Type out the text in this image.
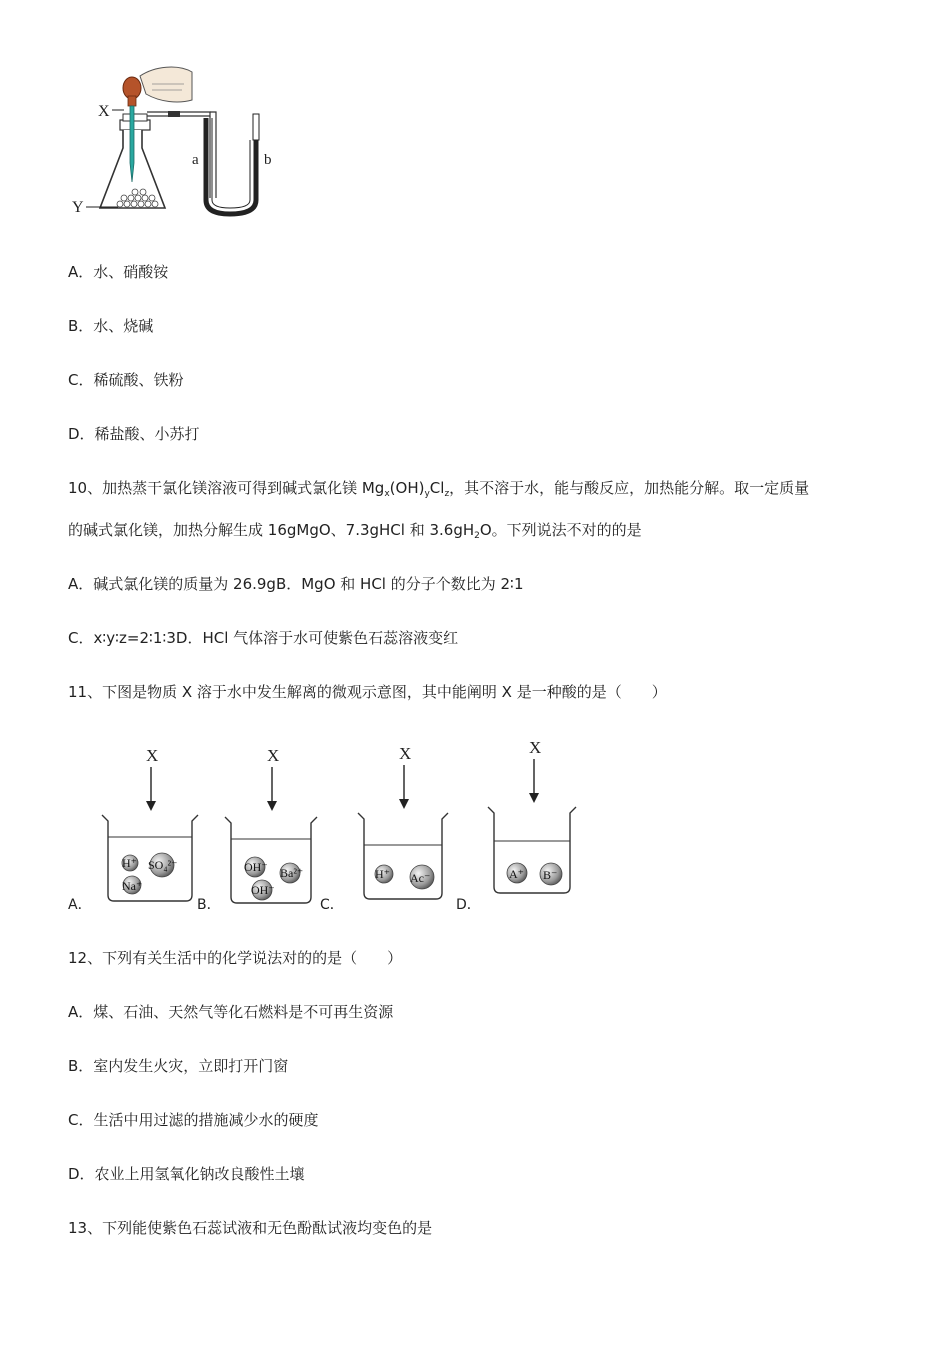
X
Y
a	b
A．水、硝酸铵
B．水、烧碱
C．稀硫酸、铁粉
D．稀盐酸、小苏打
10、加热蒸干氯化镁溶液可得到碱式氯化镁 $Mg_x(OH)_yCl_z$，其不溶于水，能与酸反应，加热能分解。取一定质量
的碱式氯化镁，加热分解生成 16gMgO、7.3gHCl 和 $3.6gH_2O$。下列说法不对的的是
A．碱式氯化镁的质量为 26.9gB．MgO 和 HCl 的分子个数比为 2∶1
C．x∶y∶z=2∶1∶3D．HCl 气体溶于水可使紫色石蕊溶液变红
11、下图是物质 X 溶于水中发生解离的微观示意图，其中能阐明 X 是一种酸的是（　　）
X
H⁺ SO₄²⁻
Na⁺
X
OH⁻ Ba²⁺
OH⁻
X
H⁺ Ac⁻
X
A⁺ B⁻
A．	B．	C．	D．
12、下列有关生活中的化学说法对的的是（　　）
A．煤、石油、天然气等化石燃料是不可再生资源
B．室内发生火灾，立即打开门窗
C．生活中用过滤的措施减少水的硬度
D．农业上用氢氧化钠改良酸性土壤
13、下列能使紫色石蕊试液和无色酚酞试液均变色的是
